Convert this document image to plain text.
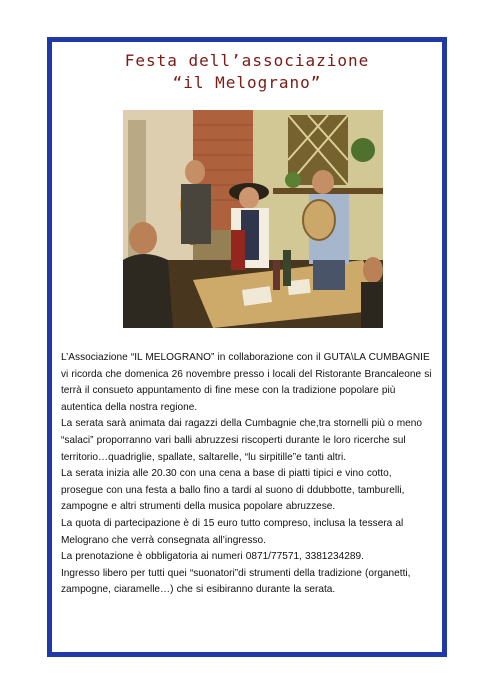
Festa dell’associazione
“il Melograno”

L’Associazione “IL MELOGRANO” in collaborazione con il GUTA\LA CUMBAGNIE vi ricorda che domenica 26 novembre presso i locali del Ristorante Brancaleone si terrà il consueto appuntamento di fine mese con la tradizione popolare più autentica della nostra regione.

La serata sarà animata dai ragazzi della Cumbagnie che,tra stornelli più o meno “salaci” proporranno vari balli abruzzesi riscoperti durante le loro ricerche sul territorio…quadriglie, spallate, saltarelle, “lu sirpitille”e tanti altri.

La serata inizia alle 20.30 con una cena a base di piatti tipici e vino cotto, prosegue con una festa a ballo fino a tardi al suono di ddubbotte, tamburelli, zampogne e altri strumenti della musica popolare abruzzese.

La quota di partecipazione è di 15 euro tutto compreso, inclusa la tessera al Melograno che verrà consegnata all’ingresso.

La prenotazione è obbligatoria ai numeri 0871/77571, 3381234289.

Ingresso libero per tutti quei “suonatori”di strumenti della tradizione (organetti, zampogne, ciaramelle…) che si esibiranno durante la serata.
